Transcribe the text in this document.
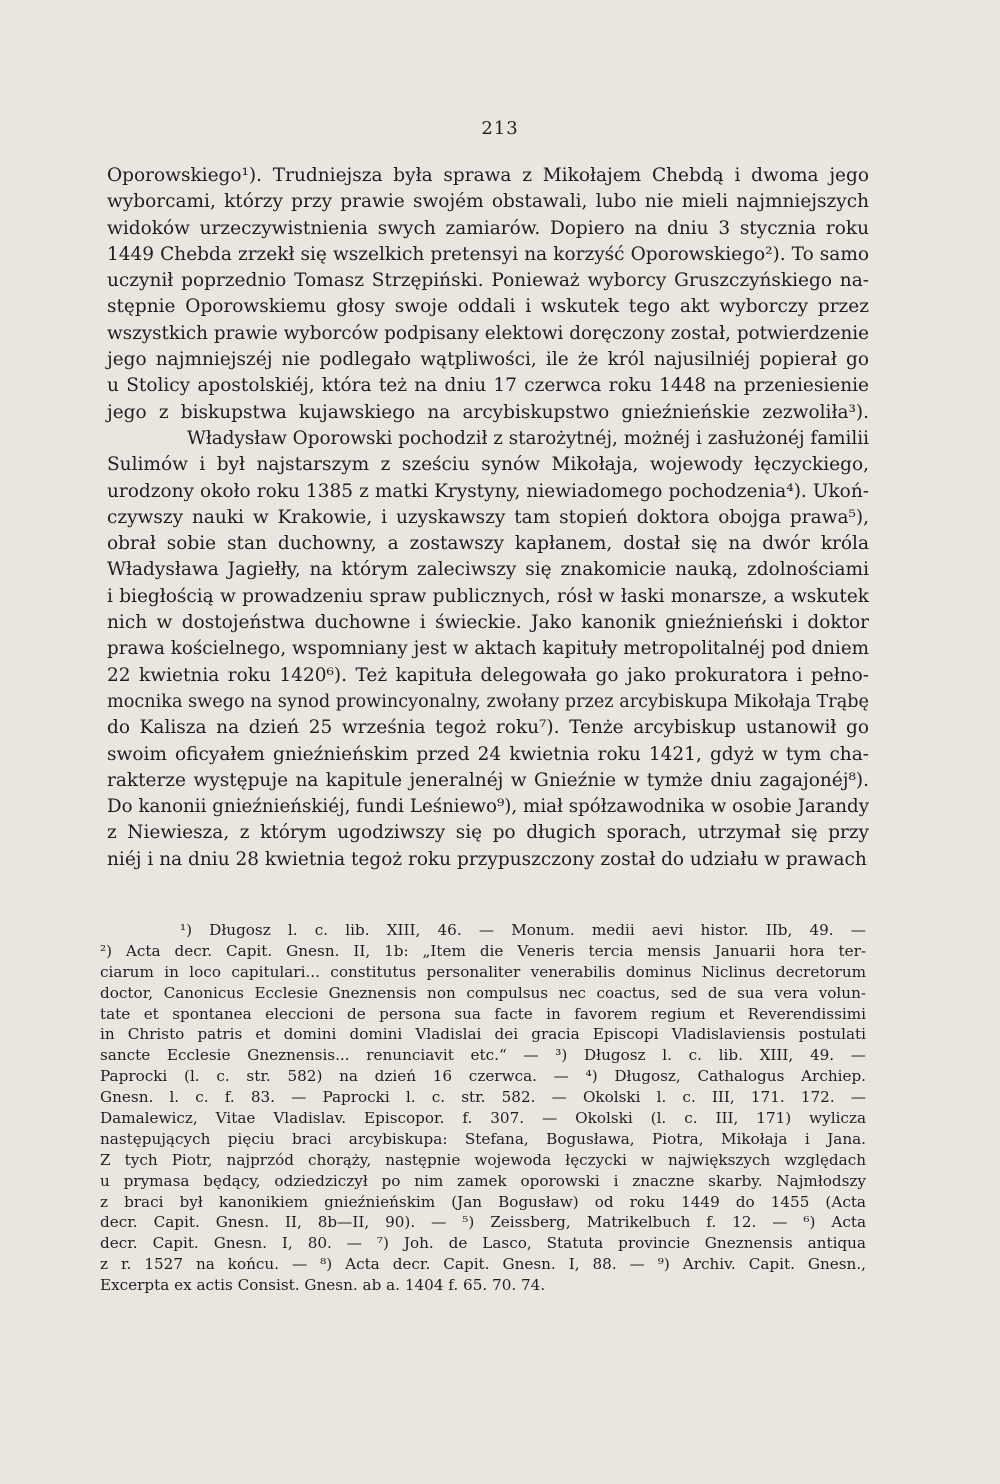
213
Oporowskiego¹). Trudniejsza była sprawa z Mikołajem Chebdą i dwoma jego
wyborcami, którzy przy prawie swojém obstawali, lubo nie mieli najmniejszych
widoków urzeczywistnienia swych zamiarów. Dopiero na dniu 3 stycznia roku
1449 Chebda zrzekł się wszelkich pretensyi na korzyść Oporowskiego²). To samo
uczynił poprzednio Tomasz Strzępiński. Ponieważ wyborcy Gruszczyńskiego na-
stępnie Oporowskiemu głosy swoje oddali i wskutek tego akt wyborczy przez
wszystkich prawie wyborców podpisany elektowi doręczony został, potwierdzenie
jego najmniejszéj nie podlegało wątpliwości, ile że król najusilniéj popierał go
u Stolicy apostolskiéj, która też na dniu 17 czerwca roku 1448 na przeniesienie
jego z biskupstwa kujawskiego na arcybiskupstwo gnieźnieńskie zezwoliła³).
Władysław Oporowski pochodził z starożytnéj, możnéj i zasłużonéj familii
Sulimów i był najstarszym z sześciu synów Mikołaja, wojewody łęczyckiego,
urodzony około roku 1385 z matki Krystyny, niewiadomego pochodzenia⁴). Ukoń-
czywszy nauki w Krakowie, i uzyskawszy tam stopień doktora obojga prawa⁵),
obrał sobie stan duchowny, a zostawszy kapłanem, dostał się na dwór króla
Władysława Jagiełły, na którym zaleciwszy się znakomicie nauką, zdolnościami
i biegłością w prowadzeniu spraw publicznych, rósł w łaski monarsze, a wskutek
nich w dostojeństwa duchowne i świeckie. Jako kanonik gnieźnieński i doktor
prawa kościelnego, wspomniany jest w aktach kapituły metropolitalnéj pod dniem
22 kwietnia roku 1420⁶). Też kapituła delegowała go jako prokuratora i pełno-
mocnika swego na synod prowincyonalny, zwołany przez arcybiskupa Mikołaja Trąbę
do Kalisza na dzień 25 września tegoż roku⁷). Tenże arcybiskup ustanowił go
swoim oficyałem gnieźnieńskim przed 24 kwietnia roku 1421, gdyż w tym cha-
rakterze występuje na kapitule jeneralnéj w Gnieźnie w tymże dniu zagajonéj⁸).
Do kanonii gnieźnieńskiéj, fundi Leśniewo⁹), miał spółzawodnika w osobie Jarandy
z Niewiesza, z którym ugodziwszy się po długich sporach, utrzymał się przy
niéj i na dniu 28 kwietnia tegoż roku przypuszczony został do udziału w prawach
¹) Długosz l. c. lib. XIII, 46. — Monum. medii aevi histor. IIb, 49. —
²) Acta decr. Capit. Gnesn. II, 1b: „Item die Veneris tercia mensis Januarii hora ter-
ciarum in loco capitulari... constitutus personaliter venerabilis dominus Niclinus decretorum
doctor, Canonicus Ecclesie Gneznensis non compulsus nec coactus, sed de sua vera volun-
tate et spontanea eleccioni de persona sua facte in favorem regium et Reverendissimi
in Christo patris et domini domini Vladislai dei gracia Episcopi Vladislaviensis postulati
sancte Ecclesie Gneznensis... renunciavit etc.“ — ³) Długosz l. c. lib. XIII, 49. —
Paprocki (l. c. str. 582) na dzień 16 czerwca. — ⁴) Długosz, Cathalogus Archiep.
Gnesn. l. c. f. 83. — Paprocki l. c. str. 582. — Okolski l. c. III, 171. 172. —
Damalewicz, Vitae Vladislav. Episcopor. f. 307. — Okolski (l. c. III, 171) wylicza
następujących pięciu braci arcybiskupa: Stefana, Bogusława, Piotra, Mikołaja i Jana.
Z tych Piotr, najprzód chorąży, następnie wojewoda łęczycki w największych względach
u prymasa będący, odziedziczył po nim zamek oporowski i znaczne skarby. Najmłodszy
z braci był kanonikiem gnieźnieńskim (Jan Bogusław) od roku 1449 do 1455 (Acta
decr. Capit. Gnesn. II, 8b—II, 90). — ⁵) Zeissberg, Matrikelbuch f. 12. — ⁶) Acta
decr. Capit. Gnesn. I, 80. — ⁷) Joh. de Lasco, Statuta provincie Gneznensis antiqua
z r. 1527 na końcu. — ⁸) Acta decr. Capit. Gnesn. I, 88. — ⁹) Archiv. Capit. Gnesn.,
Excerpta ex actis Consist. Gnesn. ab a. 1404 f. 65. 70. 74.
